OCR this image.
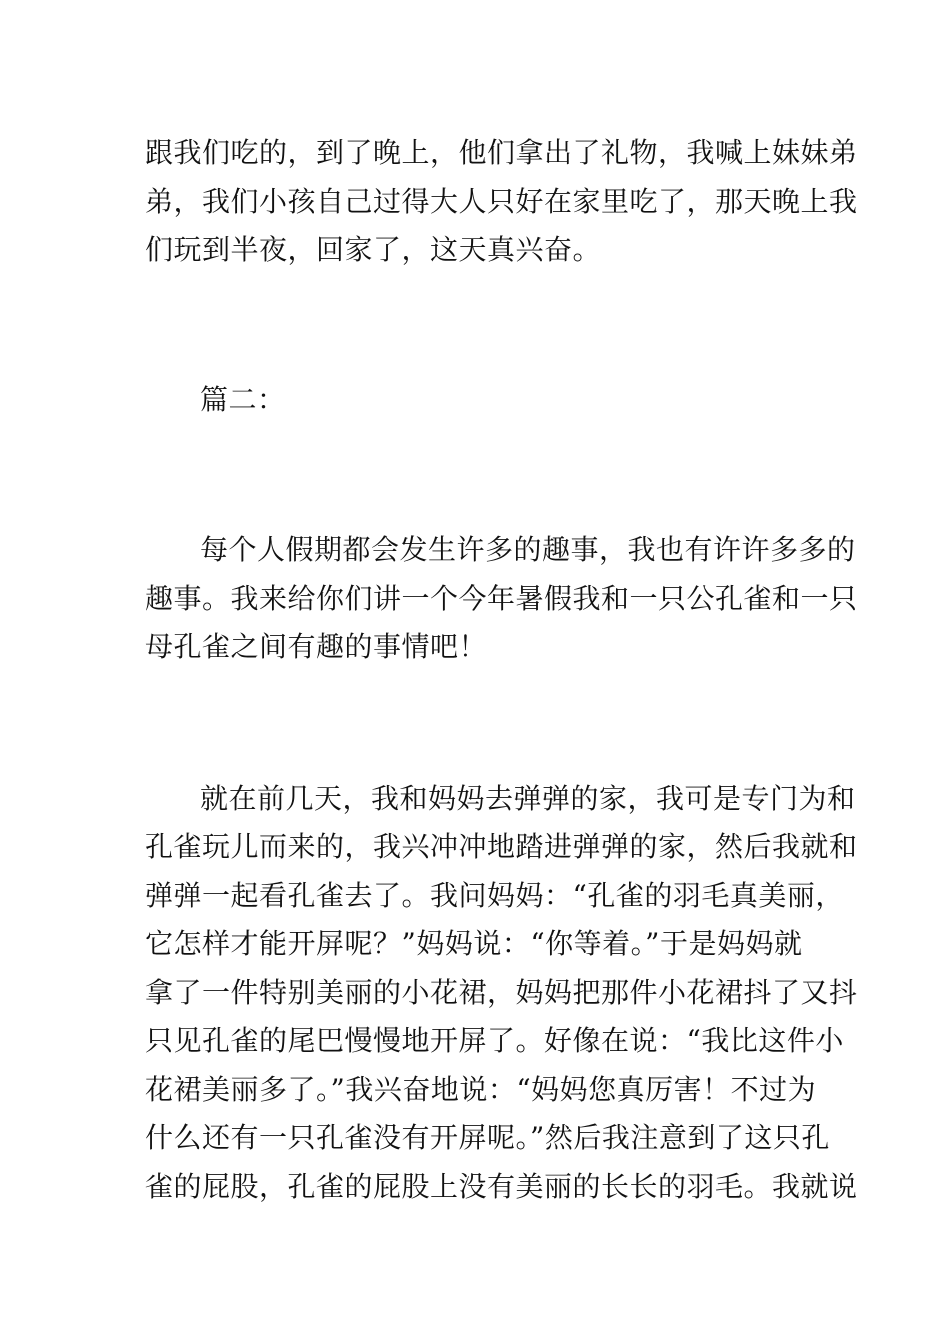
跟我们吃的，到了晚上，他们拿出了礼物，我喊上妹妹弟
弟，我们小孩自己过得大人只好在家里吃了，那天晚上我
们玩到半夜，回家了，这天真兴奋。
篇二：
每个人假期都会发生许多的趣事，我也有许许多多的
趣事。我来给你们讲一个今年暑假我和一只公孔雀和一只
母孔雀之间有趣的事情吧！
就在前几天，我和妈妈去弹弹的家，我可是专门为和
孔雀玩儿而来的，我兴冲冲地踏进弹弹的家，然后我就和
弹弹一起看孔雀去了。我问妈妈：“孔雀的羽毛真美丽，
它怎样才能开屏呢？”妈妈说：“你等着。”于是妈妈就
拿了一件特别美丽的小花裙，妈妈把那件小花裙抖了又抖
只见孔雀的尾巴慢慢地开屏了。好像在说：“我比这件小
花裙美丽多了。”我兴奋地说：“妈妈您真厉害！不过为
什么还有一只孔雀没有开屏呢。”然后我注意到了这只孔
雀的屁股，孔雀的屁股上没有美丽的长长的羽毛。我就说
